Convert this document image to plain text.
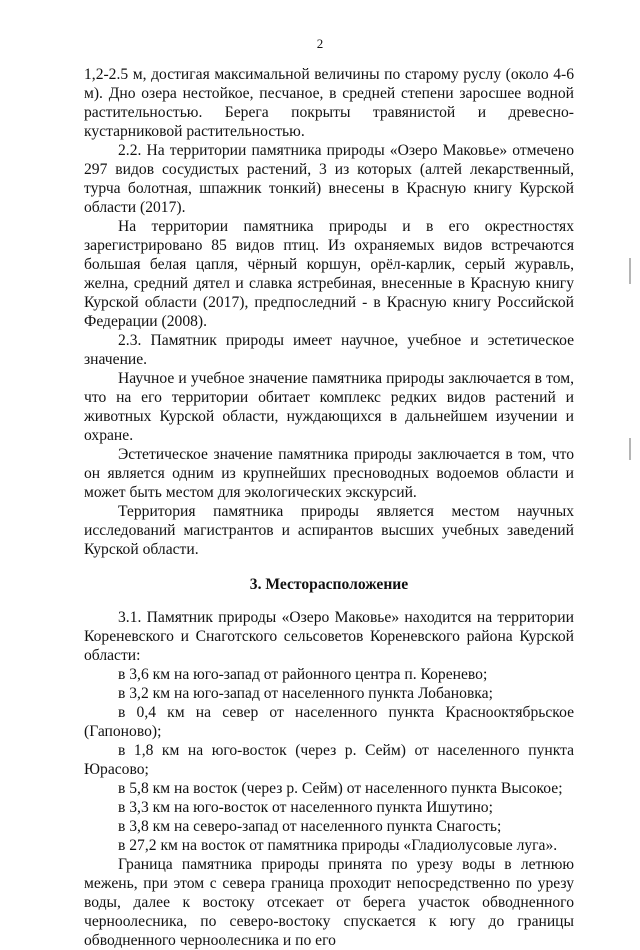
2

1,2-2.5 м, достигая максимальной величины по старому руслу (около 4-6 м). Дно озера нестойкое, песчаное, в средней степени заросшее водной растительностью. Берега покрыты травянистой и древесно-кустарниковой растительностью.

2.2. На территории памятника природы «Озеро Маковье» отмечено 297 видов сосудистых растений, 3 из которых (алтей лекарственный, турча болотная, шпажник тонкий) внесены в Красную книгу Курской области (2017).

На территории памятника природы и в его окрестностях зарегистрировано 85 видов птиц. Из охраняемых видов встречаются большая белая цапля, чёрный коршун, орёл-карлик, серый журавль, желна, средний дятел и славка ястребиная, внесенные в Красную книгу Курской области (2017), предпоследний - в Красную книгу Российской Федерации (2008).

2.3. Памятник природы имеет научное, учебное и эстетическое значение.

Научное и учебное значение памятника природы заключается в том, что на его территории обитает комплекс редких видов растений и животных Курской области, нуждающихся в дальнейшем изучении и охране.

Эстетическое значение памятника природы заключается в том, что он является одним из крупнейших пресноводных водоемов области и может быть местом для экологических экскурсий.

Территория памятника природы является местом научных исследований магистрантов и аспирантов высших учебных заведений Курской области.

3. Месторасположение

3.1. Памятник природы «Озеро Маковье» находится на территории Кореневского и Снаготского сельсоветов Кореневского района Курской области:

в 3,6 км на юго-запад от районного центра п. Коренево;

в 3,2 км на юго-запад от населенного пункта Лобановка;

в 0,4 км на север от населенного пункта Краснооктябрьское (Гапоново);

в 1,8 км на юго-восток (через р. Сейм) от населенного пункта Юрасово;

в 5,8 км на восток (через р. Сейм) от населенного пункта Высокое;

в 3,3 км на юго-восток от населенного пункта Ишутино;

в 3,8 км на северо-запад от населенного пункта Снагость;

в 27,2 км на восток от памятника природы «Гладиолусовые луга».

Граница памятника природы принята по урезу воды в летнюю межень, при этом с севера граница проходит непосредственно по урезу воды, далее к востоку отсекает от берега участок обводненного черноолесника, по северо-востоку спускается к югу до границы обводненного черноолесника и по его
